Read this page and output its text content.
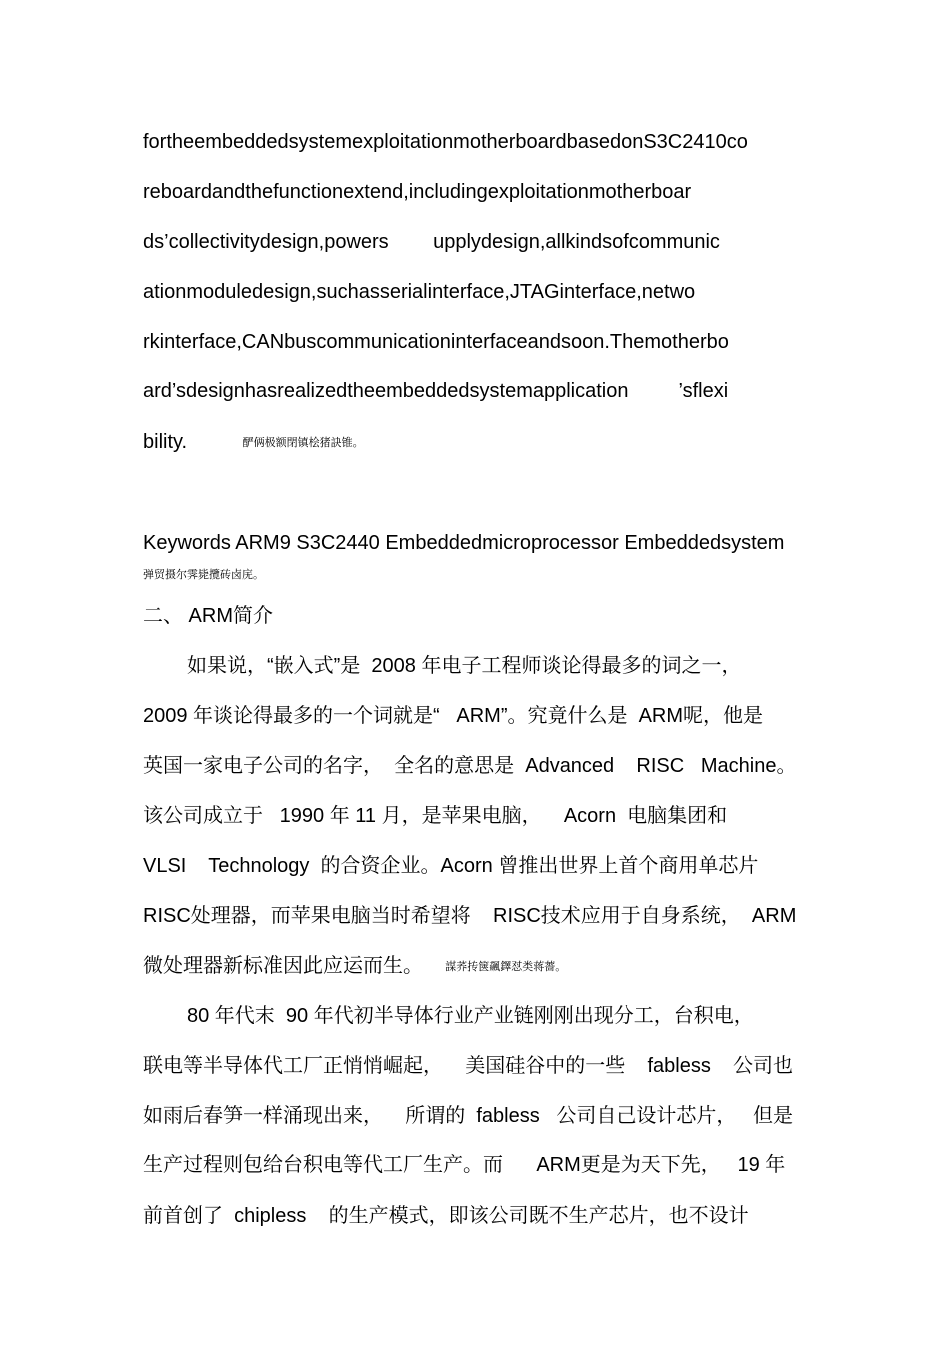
fortheembeddedsystemexploitationmotherboardbasedonS3C2410co
reboardandthefunctionextend,includingexploitationmotherboar
ds’collectivitydesign,powers        upplydesign,allkindsofcommunic
ationmoduledesign,suchasserialinterface,JTAGinterface,netwo
rkinterface,CANbuscommunicationinterfaceandsoon.Themotherbo
ard’sdesignhasrealizedtheembeddedsystemapplication         ’sflexi
bility.	酽俩极额閉镇桧猪訣锥。
Keywords ARM9 S3C2440 Embeddedmicroprocessor Embeddedsystem
弹贸摄尔霁毙攬砖卤庑。
二、 ARM简介
如果说，“嵌入式”是  2008 年电子工程师谈论得最多的词之一，
2009 年谈论得最多的一个词就是“   ARM”。究竟什么是  ARM呢，他是
英国一家电子公司的名字，  全名的意思是  Advanced    RISC   Machine。
该公司成立于   1990 年 11 月，是苹果电脑，    Acorn  电脑集团和
VLSI    Technology  的合资企业。Acorn 曾推出世界上首个商用单芯片
RISC处理器，而苹果电脑当时希望将    RISC技术应用于自身系统，  ARM
微处理器新标准因此应运而生。 謀荞抟箧飆鐸怼类蒋薔。
80 年代末  90 年代初半导体行业产业链刚刚出现分工，台积电，
联电等半导体代工厂正悄悄崛起，    美国硅谷中的一些    fabless    公司也
如雨后春笋一样涌现出来，    所谓的  fabless   公司自己设计芯片，   但是
生产过程则包给台积电等代工厂生产。而      ARM更是为天下先，   19 年
前首创了  chipless    的生产模式，即该公司既不生产芯片，也不设计
